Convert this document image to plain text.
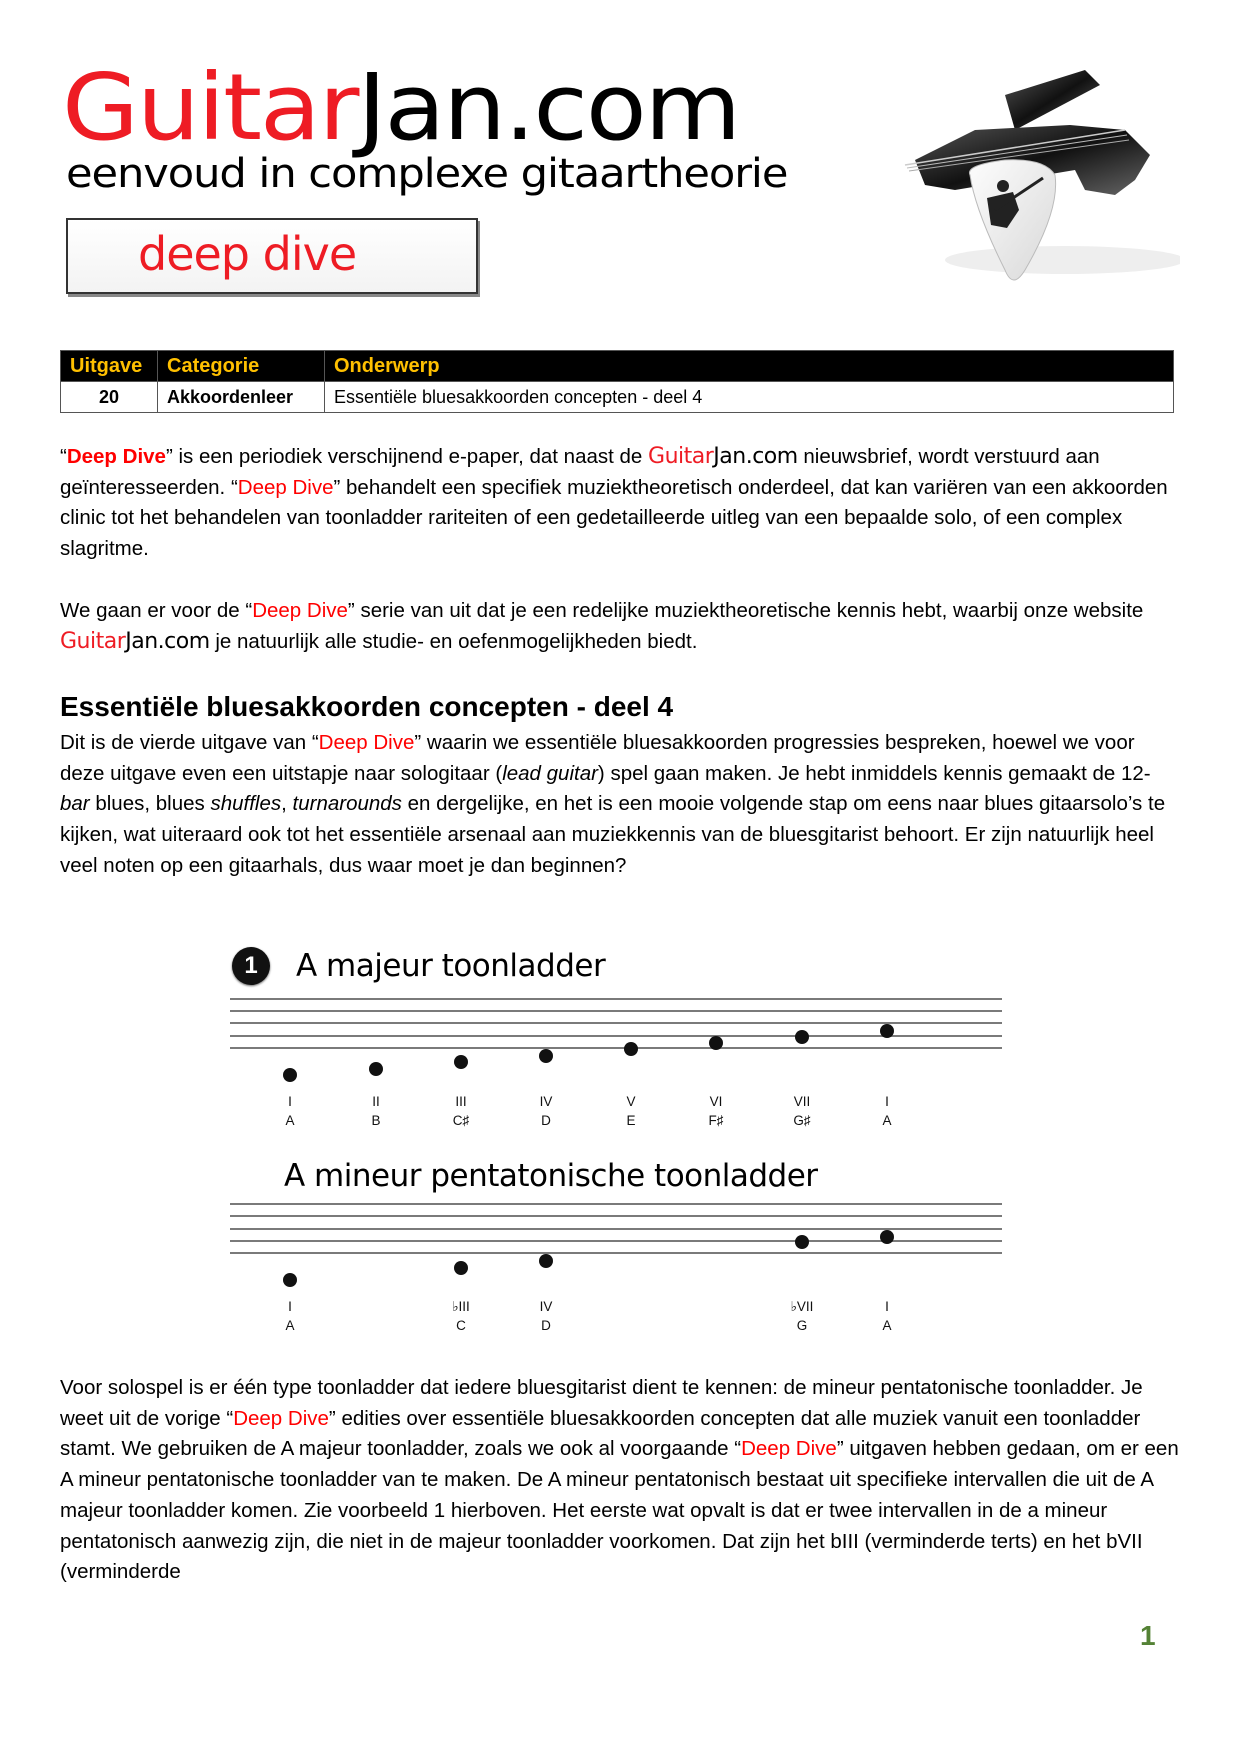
GuitarJan.com
eenvoud in complexe gitaartheorie
deep dive
Uitgave	Categorie	Onderwerp
20	Akkoordenleer	Essentiële bluesakkoorden concepten - deel 4
“Deep Dive” is een periodiek verschijnend e-paper, dat naast de GuitarJan.com nieuwsbrief, wordt verstuurd aan geïnteresseerden. “Deep Dive” behandelt een specifiek muziektheoretisch onderdeel, dat kan variëren van een akkoorden clinic tot het behandelen van toonladder rariteiten of een gedetailleerde uitleg van een bepaalde solo, of een complex slagritme.
We gaan er voor de “Deep Dive” serie van uit dat je een redelijke muziektheoretische kennis hebt, waarbij onze website GuitarJan.com je natuurlijk alle studie- en oefenmogelijkheden biedt.
Essentiële bluesakkoorden concepten - deel 4
Dit is de vierde uitgave van “Deep Dive” waarin we essentiële bluesakkoorden progressies bespreken, hoewel we voor deze uitgave even een uitstapje naar sologitaar (lead guitar) spel gaan maken. Je hebt inmiddels kennis gemaakt de 12-bar blues, blues shuffles, turnarounds en dergelijke, en het is een mooie volgende stap om eens naar blues gitaarsolo’s te kijken, wat uiteraard ook tot het essentiële arsenaal aan muziekkennis van de bluesgitarist behoort. Er zijn natuurlijk heel veel noten op een gitaarhals, dus waar moet je dan beginnen?
1	A majeur toonladder
I	II	III	IV	V	VI	VII	I
A	B	C♯	D	E	F♯	G♯	A
A mineur pentatonische toonladder
I	♭III	IV	♭VII	I
A	C	D	G	A
Voor solospel is er één type toonladder dat iedere bluesgitarist dient te kennen: de mineur pentatonische toonladder. Je weet uit de vorige “Deep Dive” edities over essentiële bluesakkoorden concepten dat alle muziek vanuit een toonladder stamt. We gebruiken de A majeur toonladder, zoals we ook al voorgaande “Deep Dive” uitgaven hebben gedaan, om er een A mineur pentatonische toonladder van te maken. De A mineur pentatonisch bestaat uit specifieke intervallen die uit de A majeur toonladder komen. Zie voorbeeld 1 hierboven. Het eerste wat opvalt is dat er twee intervallen in de a mineur pentatonisch aanwezig zijn, die niet in de majeur toonladder voorkomen. Dat zijn het bIII (verminderde terts) en het bVII (verminderde
1
